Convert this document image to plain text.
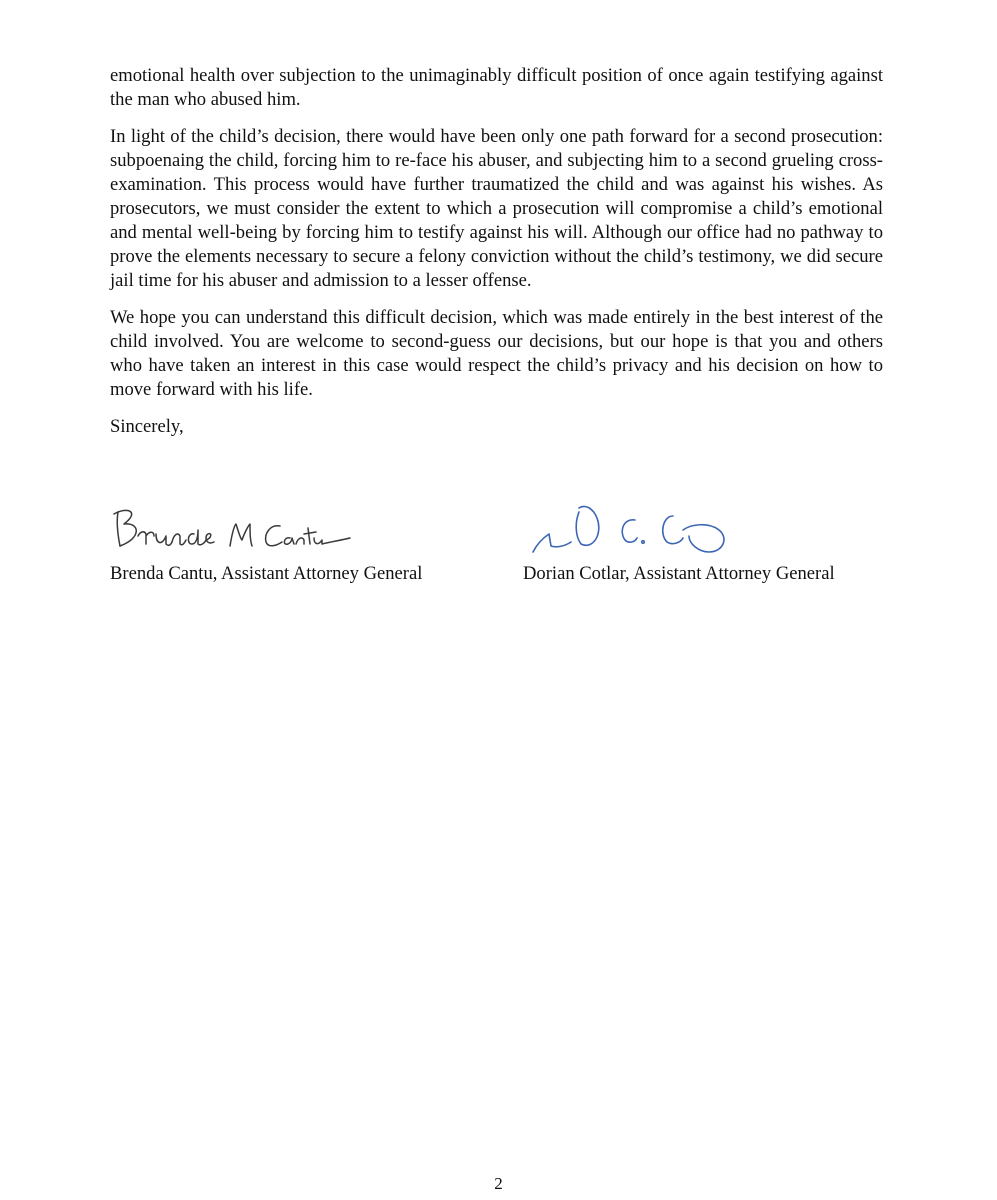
emotional health over subjection to the unimaginably difficult position of once again testifying against the man who abused him.

In light of the child’s decision, there would have been only one path forward for a second prosecution: subpoenaing the child, forcing him to re-face his abuser, and subjecting him to a second grueling cross-examination. This process would have further traumatized the child and was against his wishes. As prosecutors, we must consider the extent to which a prosecution will compromise a child’s emotional and mental well-being by forcing him to testify against his will. Although our office had no pathway to prove the elements necessary to secure a felony conviction without the child’s testimony, we did secure jail time for his abuser and admission to a lesser offense.

We hope you can understand this difficult decision, which was made entirely in the best interest of the child involved. You are welcome to second-guess our decisions, but our hope is that you and others who have taken an interest in this case would respect the child’s privacy and his decision on how to move forward with his life.

Sincerely,

Brenda Cantu, Assistant Attorney General	Dorian Cotlar, Assistant Attorney General
2
